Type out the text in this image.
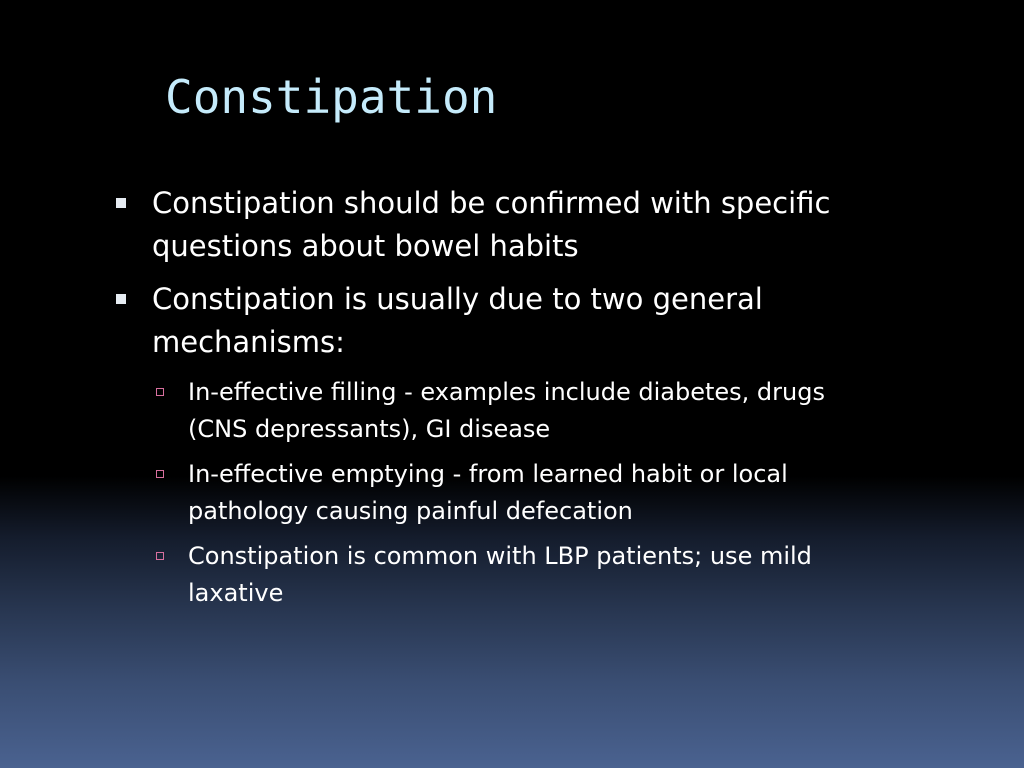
Constipation
Constipation should be confirmed with specific questions about bowel habits
Constipation is usually due to two general mechanisms:
In-effective filling - examples include diabetes, drugs (CNS depressants), GI disease
In-effective emptying - from learned habit or local pathology causing painful defecation
Constipation is common with LBP patients; use mild laxative
